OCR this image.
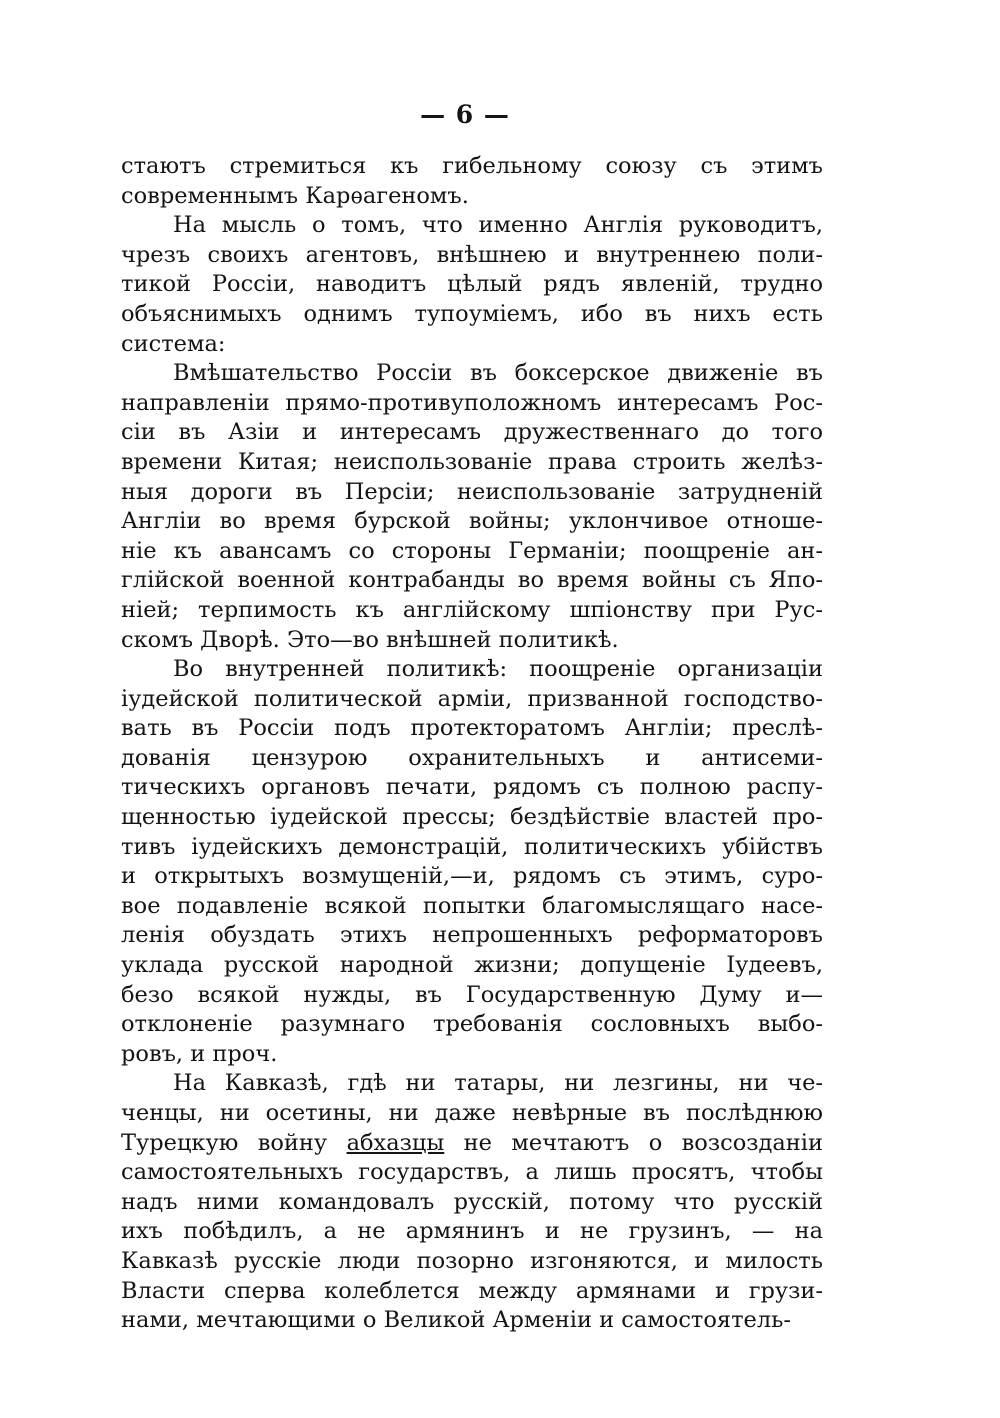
— 6 —
стаютъ стремиться къ гибельному союзу съ этимъ
современнымъ Карѳагеномъ.
На мысль о томъ, что именно Англія руководитъ,
чрезъ своихъ агентовъ, внѣшнею и внутреннею поли-
тикой Россіи, наводитъ цѣлый рядъ явленій, трудно
объяснимыхъ однимъ тупоуміемъ, ибо въ нихъ есть
система:
Вмѣшательство Россіи въ боксерское движеніе въ
направленіи прямо-противуположномъ интересамъ Рос-
сіи въ Азіи и интересамъ дружественнаго до того
времени Китая; неиспользованіе права строить желѣз-
ныя дороги въ Персіи; неиспользованіе затрудненій
Англіи во время бурской войны; уклончивое отноше-
ніе къ авансамъ со стороны Германіи; поощреніе ан-
глійской военной контрабанды во время войны съ Япо-
ніей; терпимость къ англійскому шпіонству при Рус-
скомъ Дворѣ. Это—во внѣшней политикѣ.
Во внутренней политикѣ: поощреніе организаціи
іудейской политической арміи, призванной господство-
вать въ Россіи подъ протекторатомъ Англіи; преслѣ-
дованія цензурою охранительныхъ и антисеми-
тическихъ органовъ печати, рядомъ съ полною распу-
щенностью іудейской прессы; бездѣйствіе властей про-
тивъ іудейскихъ демонстрацій, политическихъ убійствъ
и открытыхъ возмущеній,—и, рядомъ съ этимъ, суро-
вое подавленіе всякой попытки благомыслящаго насе-
ленія обуздать этихъ непрошенныхъ реформаторовъ
уклада русской народной жизни; допущеніе Іудеевъ,
безо всякой нужды, въ Государственную Думу и—
отклоненіе разумнаго требованія сословныхъ выбо-
ровъ, и проч.
На Кавказѣ, гдѣ ни татары, ни лезгины, ни че-
ченцы, ни осетины, ни даже невѣрные въ послѣднюю
Турецкую войну абхазцы не мечтаютъ о возсозданіи
самостоятельныхъ государствъ, а лишь просятъ, чтобы
надъ ними командовалъ русскій, потому что русскій
ихъ побѣдилъ, а не армянинъ и не грузинъ, — на
Кавказѣ русскіе люди позорно изгоняются, и милость
Власти сперва колеблется между армянами и грузи-
нами, мечтающими о Великой Арменіи и самостоятель-
